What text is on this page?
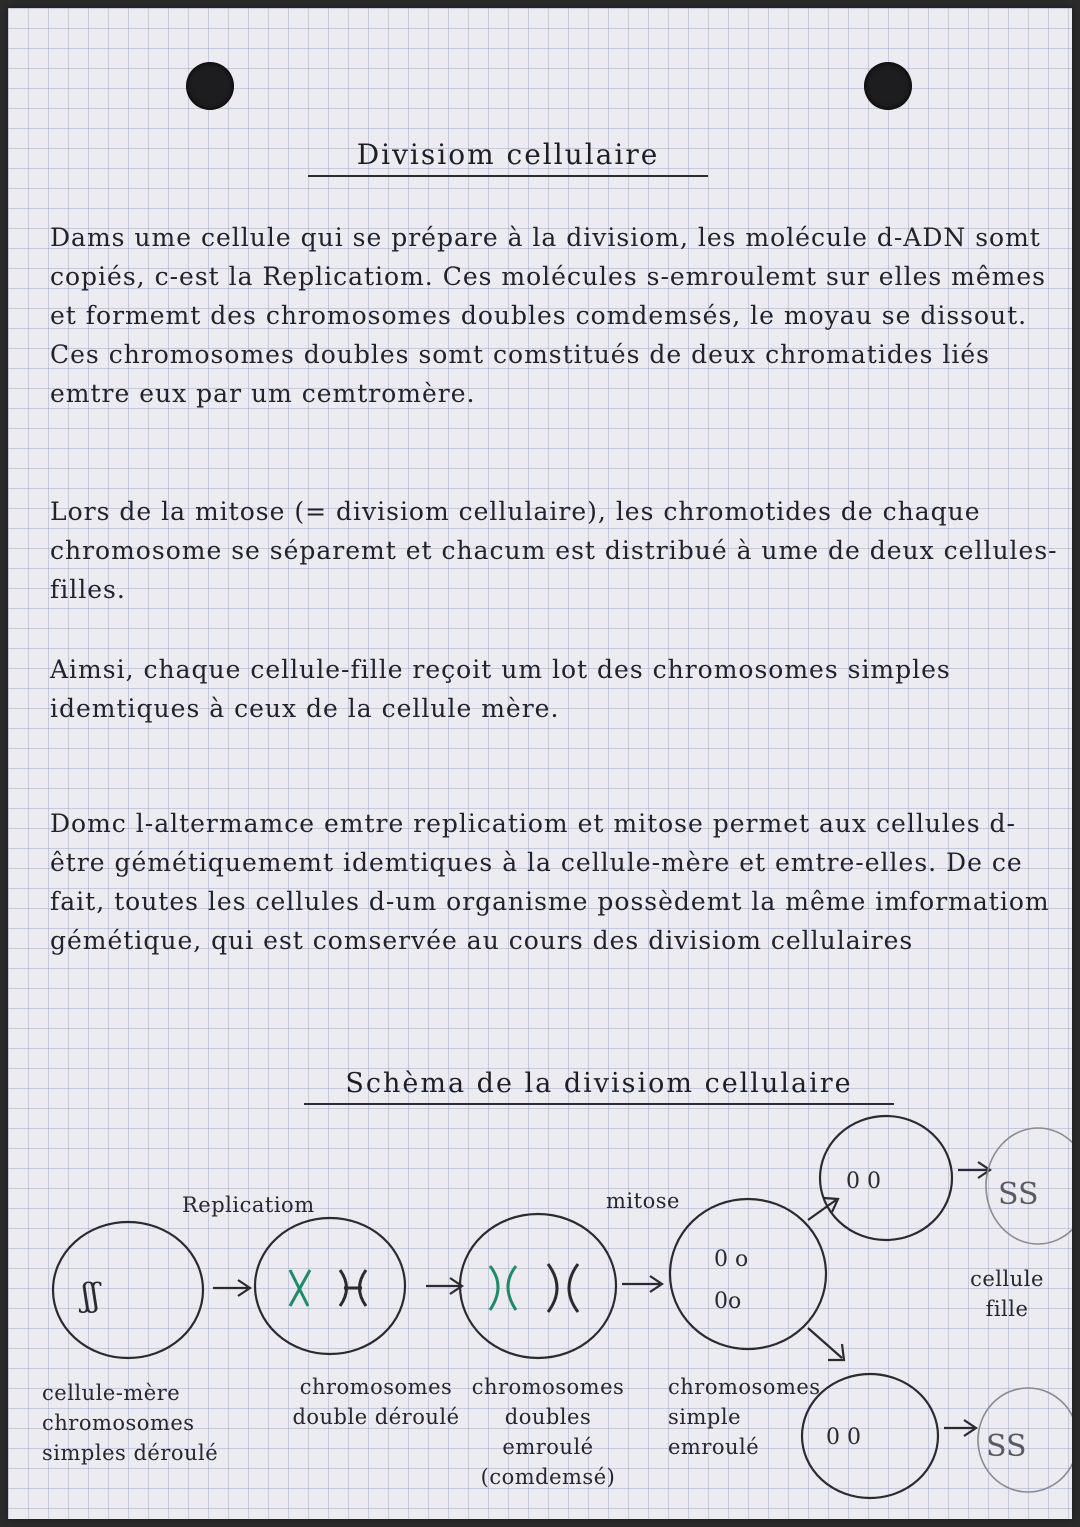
Divisiom cellulaire

Dams ume cellule qui se prépare à la divisiom, les molécule d-ADN somt copiés, c-est la Replicatiom. Ces molécules s-emroulemt sur elles mêmes et formemt des chromosomes doubles comdemsés, le moyau se dissout. Ces chromosomes doubles somt comstitués de deux chromatides liés emtre eux par um cemtromère.

Lors de la mitose (= divisiom cellulaire), les chromotides de chaque chromosome se séparemt et chacum est distribué à ume de deux cellules-filles.

Aimsi, chaque cellule-fille reçoit um lot des chromosomes simples idemtiques à ceux de la cellule mère.

Domc l-altermamce emtre replicatiom et mitose permet aux cellules d-être gémétiquememt idemtiques à la cellule-mère et emtre-elles. De ce fait, toutes les cellules d-um organisme possèdemt la même imformatiom gémétique, qui est comservée au cours des divisiom cellulaires

Schèma de la divisiom cellulaire
ʃʃ
0 o
0o
0 0	SS
0 0	SS
Replicatiom	mitose
cellule-mère
chromosomes
simples déroulé
chromosomes
double déroulé
chromosomes
doubles
emroulé
(comdemsé)
chromosomes
simple
emroulé
cellule
fille
